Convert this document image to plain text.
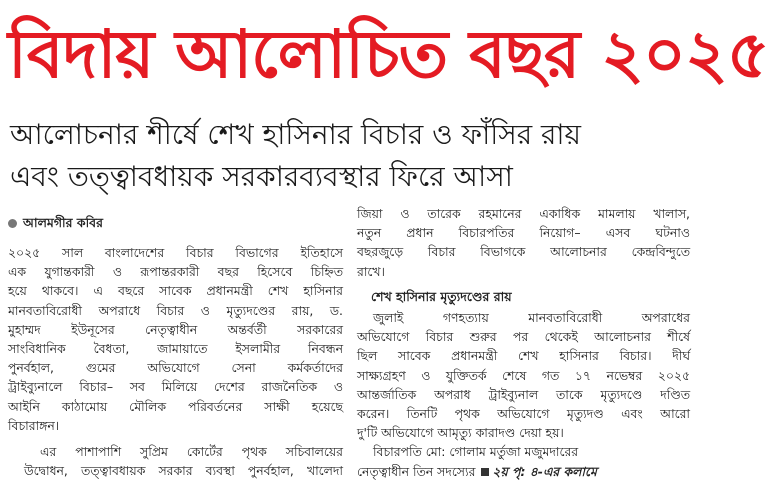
বিদায় আলোচিত বছর ২০২৫
আলোচনার শীর্ষে শেখ হাসিনার বিচার ও ফাঁসির রায়
এবং তত্ত্বাবধায়ক সরকারব্যবস্থার ফিরে আসা
আলমগীর কবির
২০২৫ সাল বাংলাদেশের বিচার বিভাগের ইতিহাসে
এক যুগান্তকারী ও রূপান্তরকারী বছর হিসেবে চিহ্নিত
হয়ে থাকবে। এ বছরে সাবেক প্রধানমন্ত্রী শেখ হাসিনার
মানবতাবিরোধী অপরাধে বিচার ও মৃত্যুদণ্ডের রায়, ড.
মুহাম্মদ ইউনূসের নেতৃত্বাধীন অন্তর্বর্তী সরকারের
সাংবিধানিক বৈধতা, জামায়াতে ইসলামীর নিবন্ধন
পুনর্বহাল, গুমের অভিযোগে সেনা কর্মকর্তাদের
ট্রাইব্যুনালে বিচার– সব মিলিয়ে দেশের রাজনৈতিক ও
আইনি কাঠামোয় মৌলিক পরিবর্তনের সাক্ষী হয়েছে
বিচারাঙ্গন।
এর পাশাপাশি সুপ্রিম কোর্টের পৃথক সচিবালয়ের
উদ্বোধন, তত্ত্বাবধায়ক সরকার ব্যবস্থা পুনর্বহাল, খালেদা
জিয়া ও তারেক রহমানের একাধিক মামলায় খালাস,
নতুন প্রধান বিচারপতির নিয়োগ– এসব ঘটনাও
বছরজুড়ে বিচার বিভাগকে আলোচনার কেন্দ্রবিন্দুতে
রাখে।
শেখ হাসিনার মৃত্যুদণ্ডের রায়
জুলাই গণহত্যায় মানবতাবিরোধী অপরাধের
অভিযোগে বিচার শুরুর পর থেকেই আলোচনার শীর্ষে
ছিল সাবেক প্রধানমন্ত্রী শেখ হাসিনার বিচার। দীর্ঘ
সাক্ষ্যগ্রহণ ও যুক্তিতর্ক শেষে গত ১৭ নভেম্বর ২০২৫
আন্তর্জাতিক অপরাধ ট্রাইব্যুনাল তাকে মৃত্যুদণ্ডে দণ্ডিত
করেন। তিনটি পৃথক অভিযোগে মৃত্যুদণ্ড এবং আরো
দু'টি অভিযোগে আমৃত্যু কারাদণ্ড দেয়া হয়।
বিচারপতি মো: গোলাম মর্তুজা মজুমদারের
নেতৃত্বাধীন তিন সদস্যের ২য় পৃ: ৪-এর কলামে
